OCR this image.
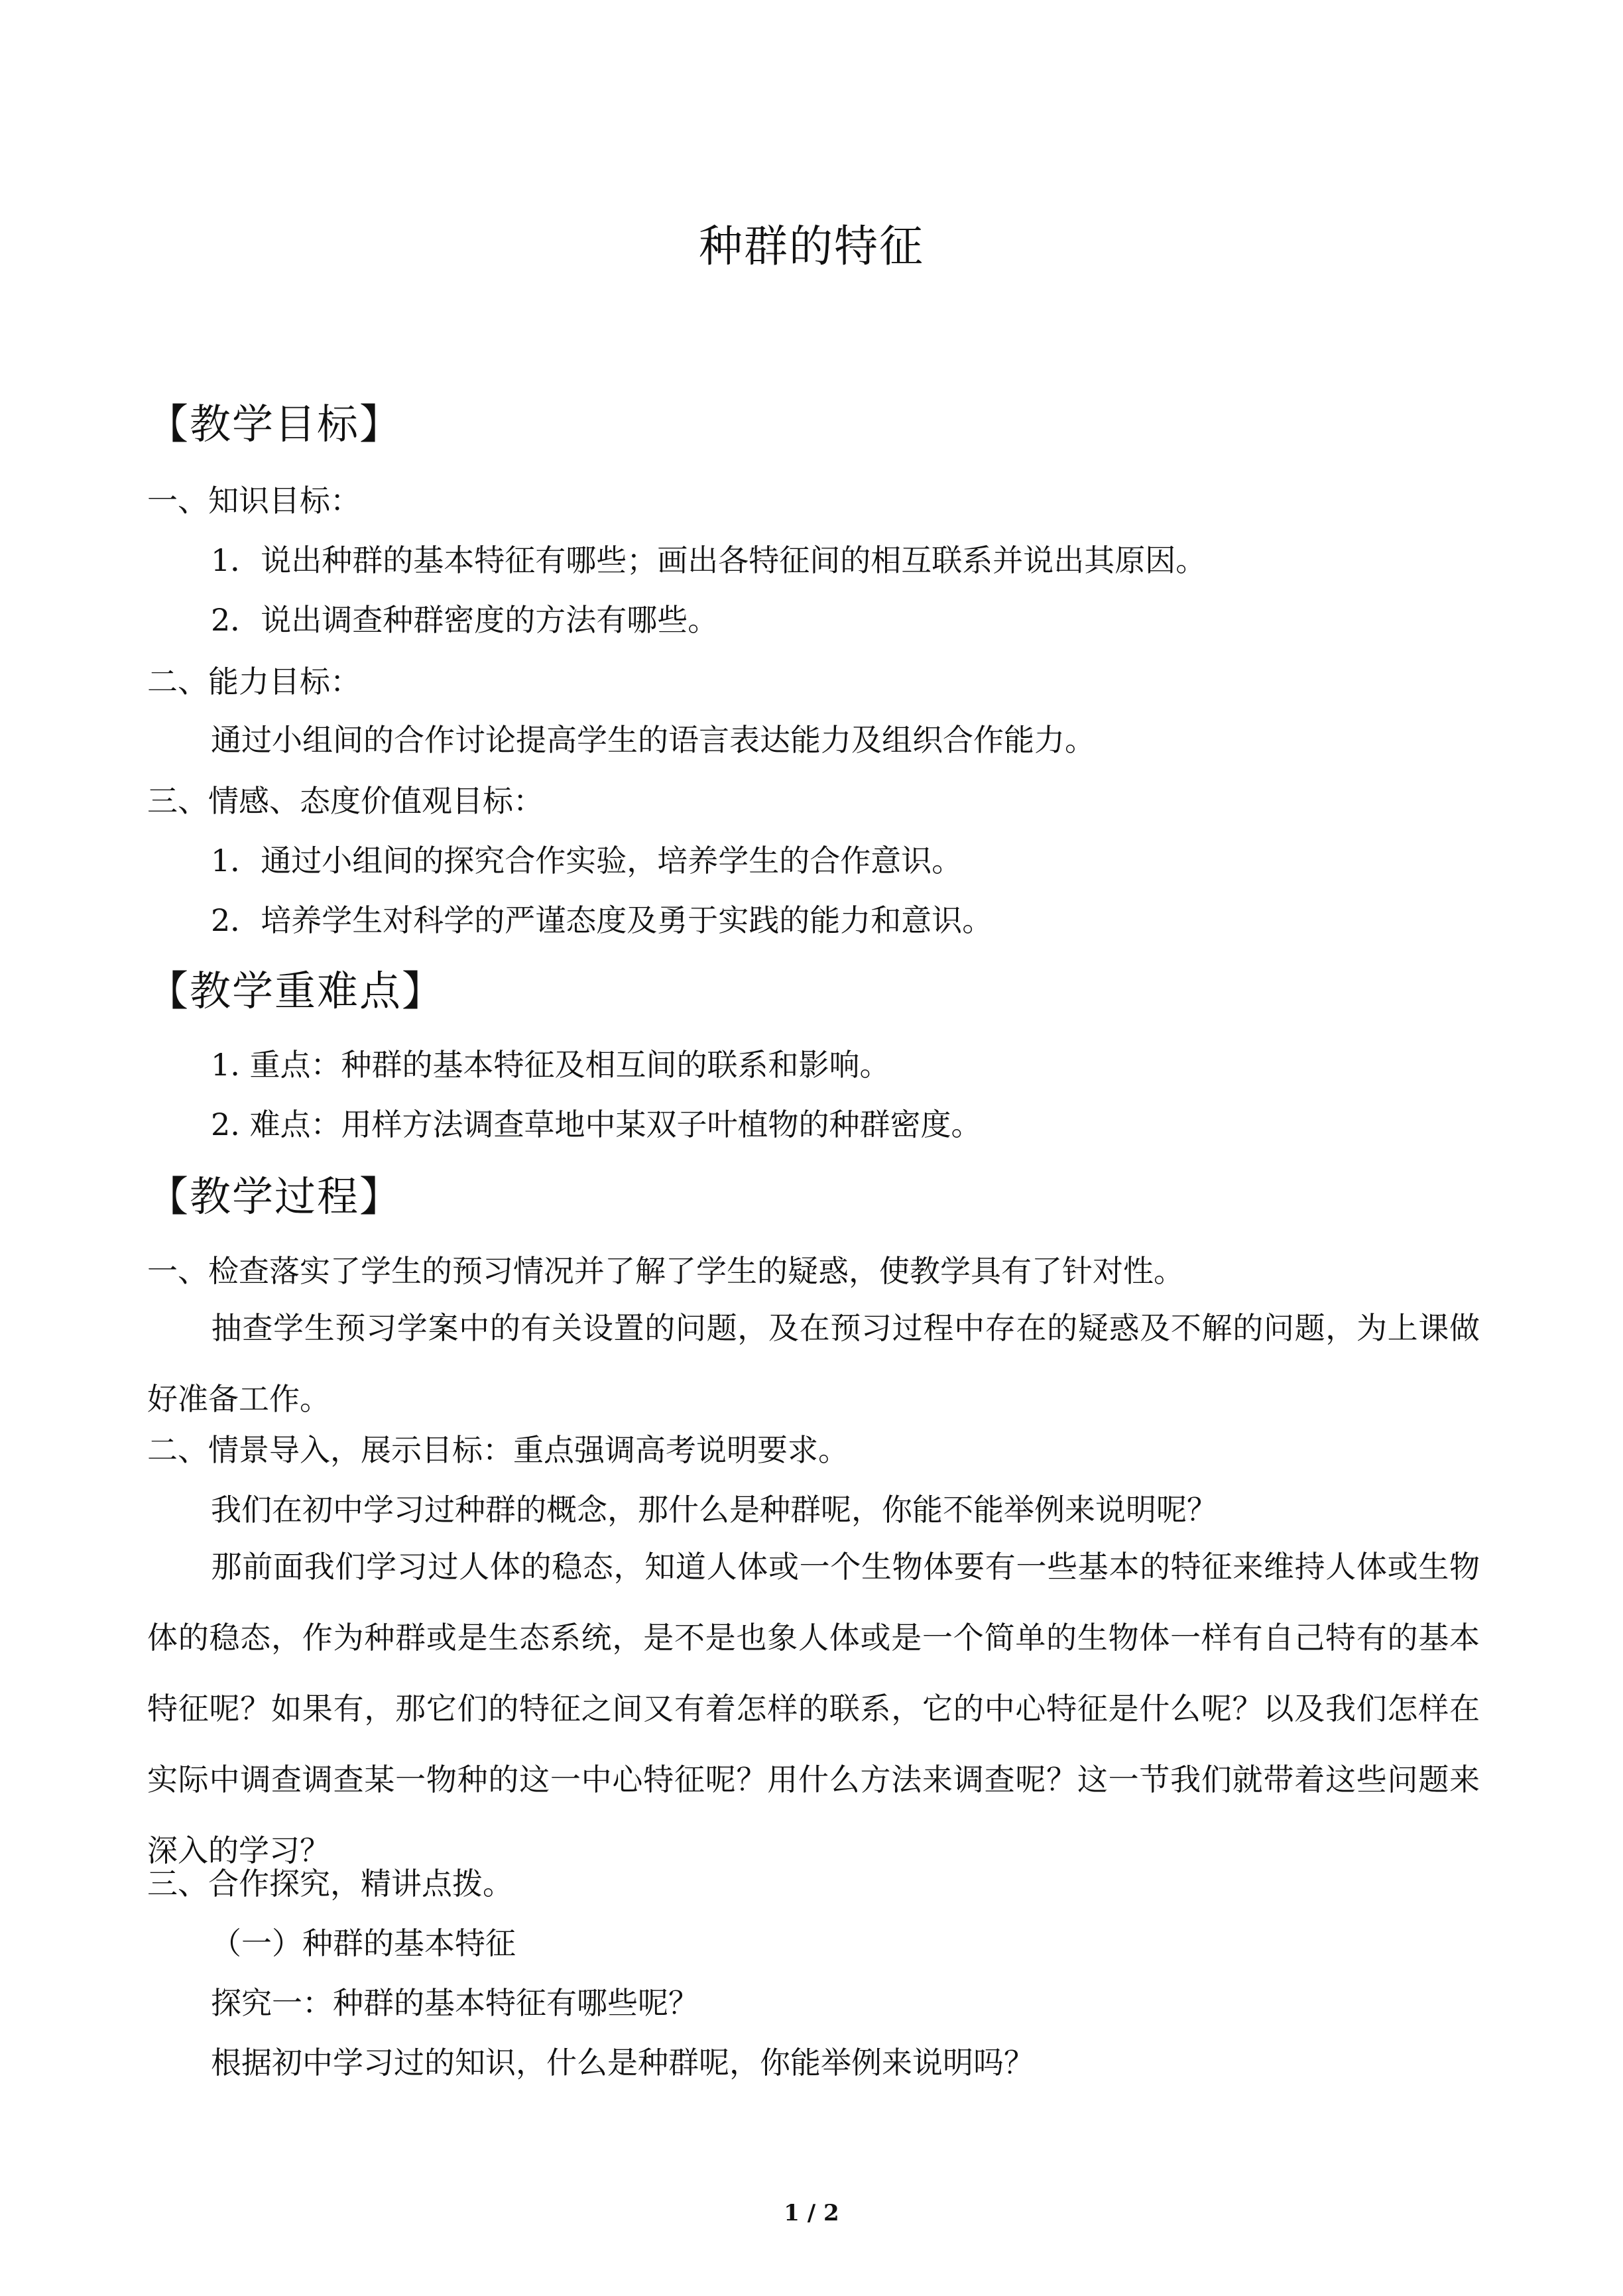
种群的特征
【教学目标】
一、知识目标：
1．说出种群的基本特征有哪些；画出各特征间的相互联系并说出其原因。
2．说出调查种群密度的方法有哪些。
二、能力目标：
通过小组间的合作讨论提高学生的语言表达能力及组织合作能力。
三、情感、态度价值观目标：
1．通过小组间的探究合作实验，培养学生的合作意识。
2．培养学生对科学的严谨态度及勇于实践的能力和意识。
【教学重难点】
1. 重点：种群的基本特征及相互间的联系和影响。
2. 难点：用样方法调查草地中某双子叶植物的种群密度。
【教学过程】
一、检查落实了学生的预习情况并了解了学生的疑惑，使教学具有了针对性。
抽查学生预习学案中的有关设置的问题，及在预习过程中存在的疑惑及不解的问题，为上课做好准备工作。
二、情景导入，展示目标：重点强调高考说明要求。
我们在初中学习过种群的概念，那什么是种群呢，你能不能举例来说明呢？
那前面我们学习过人体的稳态，知道人体或一个生物体要有一些基本的特征来维持人体或生物体的稳态，作为种群或是生态系统，是不是也象人体或是一个简单的生物体一样有自己特有的基本特征呢？如果有，那它们的特征之间又有着怎样的联系，它的中心特征是什么呢？以及我们怎样在实际中调查调查某一物种的这一中心特征呢？用什么方法来调查呢？这一节我们就带着这些问题来深入的学习？
三、合作探究，精讲点拨。
（一）种群的基本特征
探究一：种群的基本特征有哪些呢？
根据初中学习过的知识，什么是种群呢，你能举例来说明吗？
1 / 2
